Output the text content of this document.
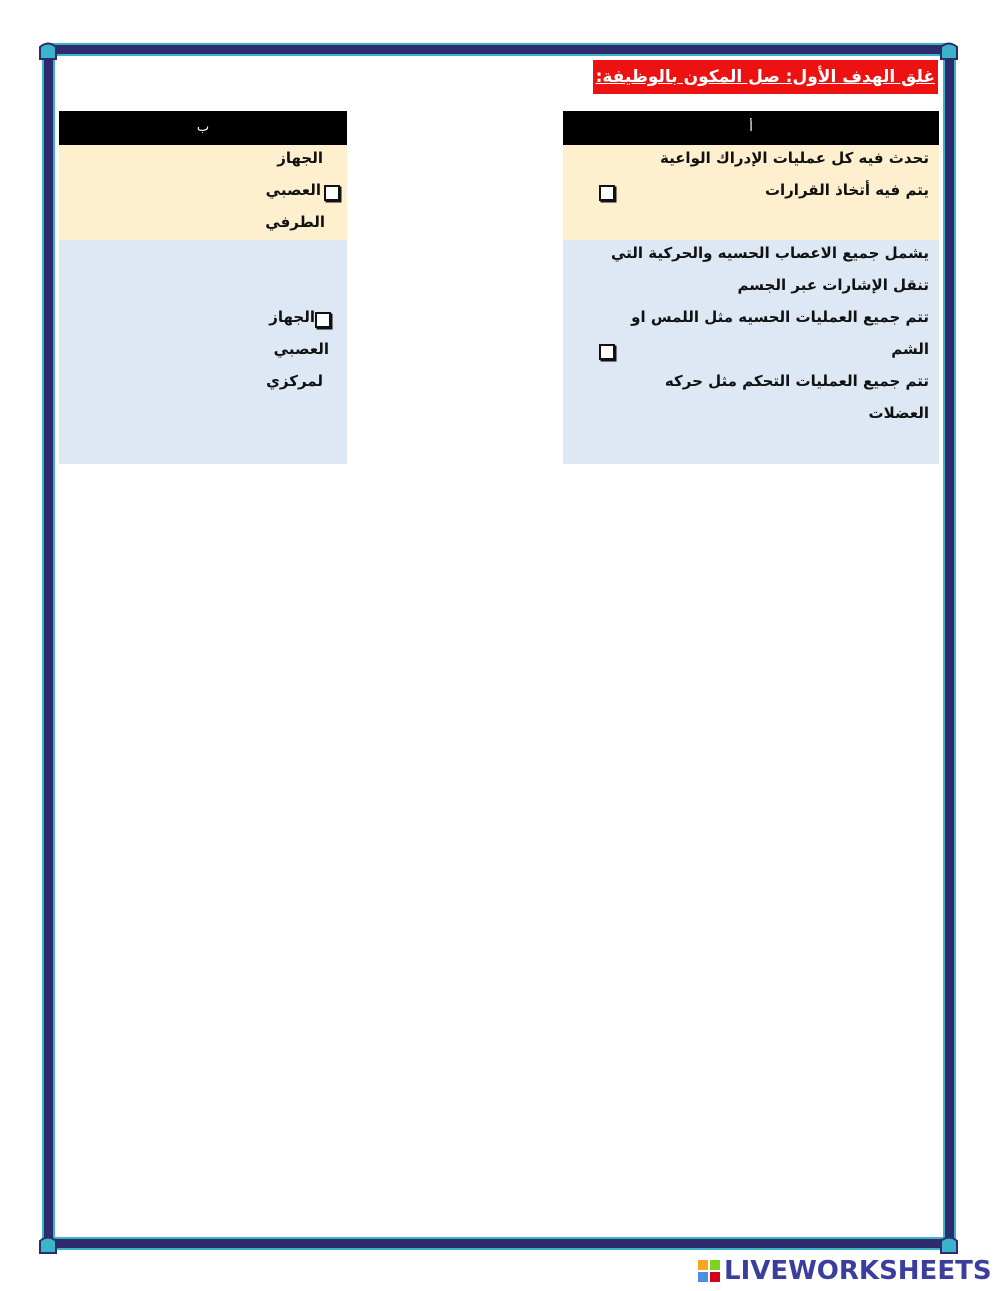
غلق الهدف الأول: صل المكون بالوظيفة:
أ
تحدث فيه كل عمليات الإدراك الواعية
يتم فيه أتخاذ القرارات
يشمل جميع الاعصاب الحسيه والحركية التي
تنقل الإشارات عبر الجسم
تتم جميع العمليات الحسيه مثل اللمس او
الشم
تتم جميع العمليات التحكم مثل حركه
العضلات
ب
الجهاز
العصبي
الطرفي
الجهاز
العصبي
لمركزي
LIVEWORKSHEETS
